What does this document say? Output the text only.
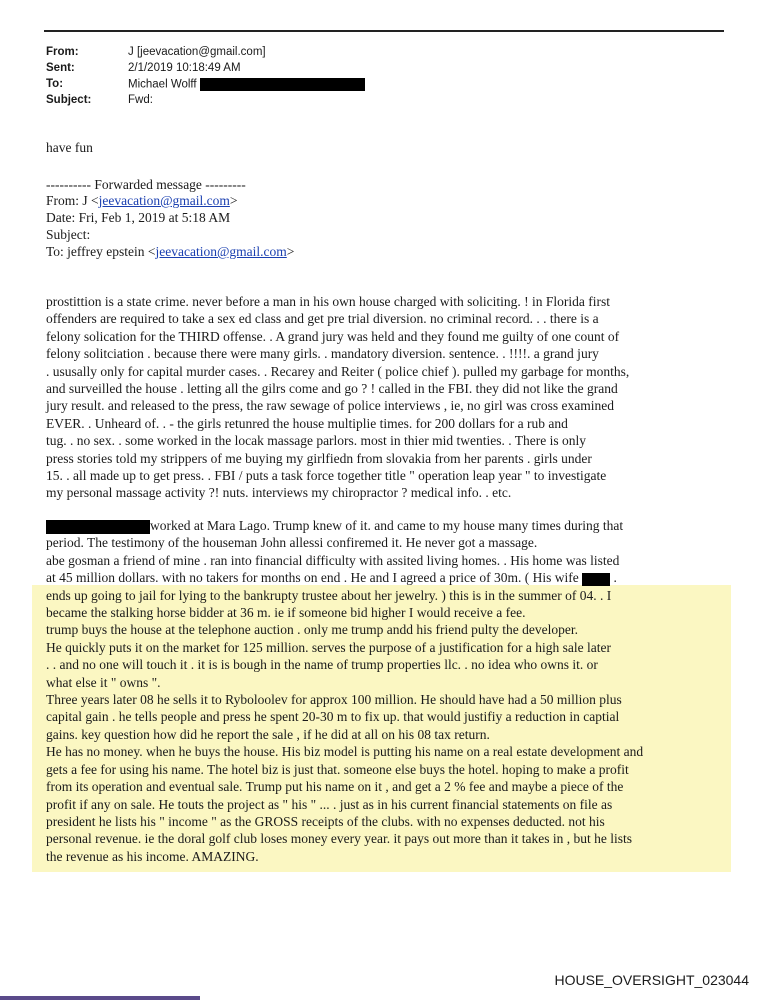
From:	J [jeevacation@gmail.com]
Sent:	2/1/2019 10:18:49 AM
To:	Michael Wolff
Subject:	Fwd:
have fun
---------- Forwarded message ---------
From: J <jeevacation@gmail.com>
Date: Fri, Feb 1, 2019 at 5:18 AM
Subject:
To: jeffrey epstein <jeevacation@gmail.com>
prostittion is a state crime. never before a man in his own house charged with soliciting. ! in Florida first
offenders are required to take a sex ed class and get pre trial diversion. no criminal record. . . there is a
felony solication for the THIRD offense. . A grand jury was held and they found me guilty of one count of
felony solitciation . because there were many girls. . mandatory diversion. sentence. . !!!!. a grand jury
. ususally only for capital murder cases. . Recarey and Reiter ( police chief ). pulled my garbage for months,
and surveilled the house . letting all the gilrs come and go ? ! called in the FBI. they did not like the grand
jury result. and released to the press, the raw sewage of police interviews , ie, no girl was cross examined
EVER. . Unheard of. . - the girls retunred the house multiplie times. for 200 dollars for a rub and
tug. . no sex. . some worked in the locak massage parlors. most in thier mid twenties. . There is only
press stories told my strippers of me buying my girlfiedn from slovakia from her parents . girls under
15. . all made up to get press. . FBI / puts a task force together title " operation leap year " to investigate
my personal massage activity ?! nuts. interviews my chiropractor ? medical info. . etc.
worked at Mara Lago. Trump knew of it. and came to my house many times during that
period. The testimony of the houseman John allessi confiremed it. He never got a massage.
abe gosman a friend of mine . ran into financial difficulty with assited living homes. . His home was listed
at 45 million dollars. with no takers for months on end . He and I agreed a price of 30m. ( His wife  .
ends up going to jail for lying to the bankrupty trustee about her jewelry. ) this is in the summer of 04. . I
became the stalking horse bidder at 36 m. ie if someone bid higher I would receive a fee.
trump buys the house at the telephone auction . only me trump andd his friend pulty the developer.
He quickly puts it on the market for 125 million. serves the purpose of a justification for a high sale later
. . and no one will touch it . it is is bough in the name of trump properties llc. . no idea who owns it. or
what else it " owns ".
Three years later 08 he sells it to Ryboloolev for approx 100 million. He should have had a 50 million plus
capital gain . he tells people and press he spent 20-30 m to fix up. that would justifiy a reduction in captial
gains. key question how did he report the sale , if he did at all on his 08 tax return.
He has no money. when he buys the house. His biz model is putting his name on a real estate development and
gets a fee for using his name. The hotel biz is just that. someone else buys the hotel. hoping to make a profit
from its operation and eventual sale. Trump put his name on it , and get a 2 % fee and maybe a piece of the
profit if any on sale. He touts the project as " his " ... . just as in his current financial statements on file as
president he lists his " income " as the GROSS receipts of the clubs. with no expenses deducted. not his
personal revenue. ie the doral golf club loses money every year. it pays out more than it takes in , but he lists
the revenue as his income. AMAZING.
HOUSE_OVERSIGHT_023044
